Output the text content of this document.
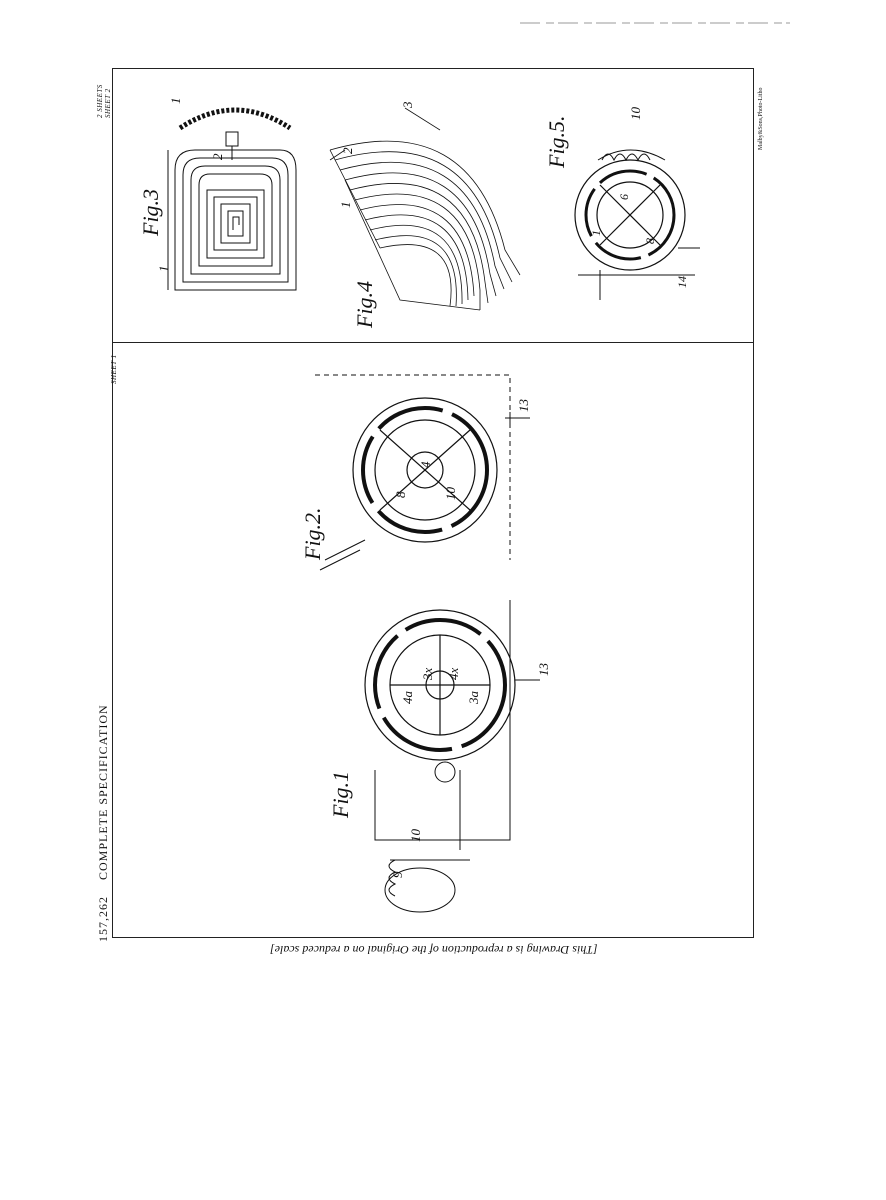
157,262    COMPLETE SPECIFICATION
2 SHEETS SHEET 2
SHEET 1
[This Drawing is a reproduction of the Original on a reduced scale]
Malby&Sons,Photo-Litho
Fig.3
1
1
2
Fig.4
1
2
3
Fig.5.
10
1
6
8
14
Fig.2.
8
4
10
13
Fig.1
4a
3x 4x
3a
13
10
9
